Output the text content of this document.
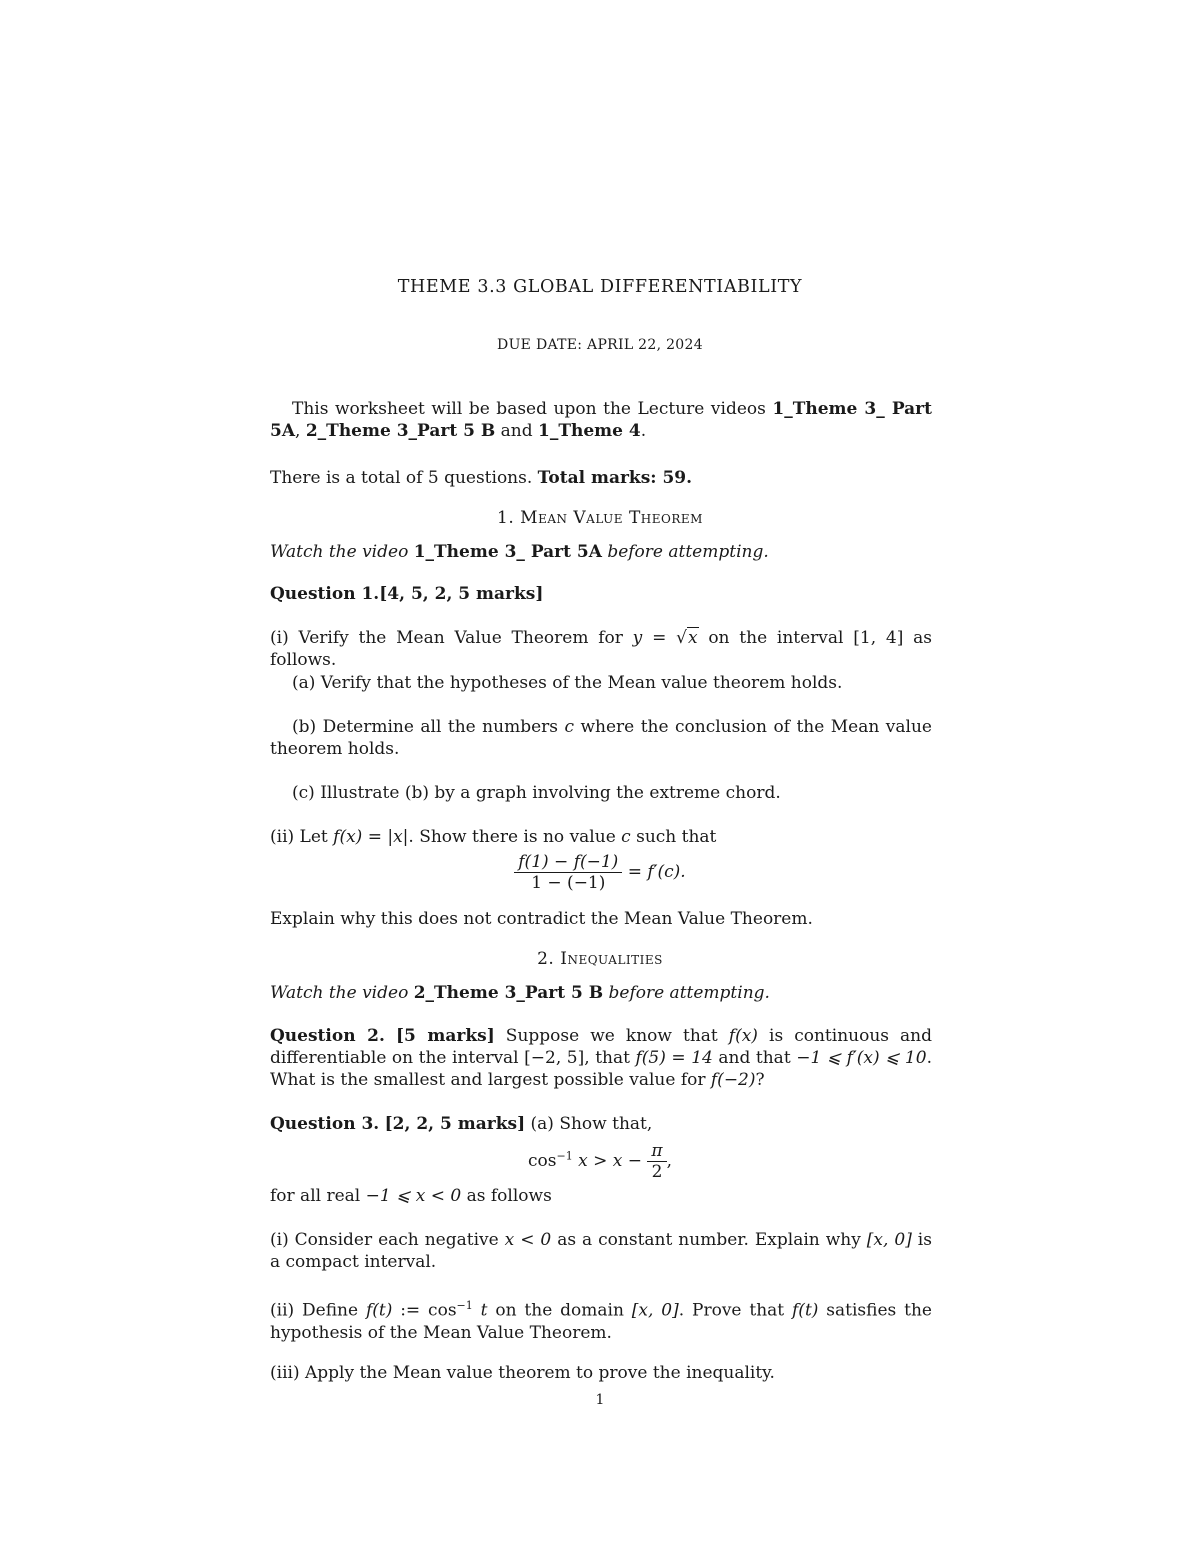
THEME 3.3 GLOBAL DIFFERENTIABILITY
DUE DATE: APRIL 22, 2024
This worksheet will be based upon the Lecture videos 1_Theme 3_ Part 5A, 2_Theme 3_Part 5 B and 1_Theme 4.
There is a total of 5 questions. Total marks: 59.
1. Mean Value Theorem
Watch the video 1_Theme 3_ Part 5A before attempting.
Question 1.[4, 5, 2, 5 marks]
(i) Verify the Mean Value Theorem for y = √x on the interval [1, 4] as follows.
(a) Verify that the hypotheses of the Mean value theorem holds.
(b) Determine all the numbers c where the conclusion of the Mean value theorem holds.
(c) Illustrate (b) by a graph involving the extreme chord.
(ii) Let f(x) = |x|. Show there is no value c such that
$\frac{f(1) - f(-1)}{1 - (-1)} = f'(c)$.
Explain why this does not contradict the Mean Value Theorem.
2. Inequalities
Watch the video 2_Theme 3_Part 5 B before attempting.
Question 2. [5 marks] Suppose we know that f(x) is continuous and differentiable on the interval [−2, 5], that f(5) = 14 and that −1 ⩽ f′(x) ⩽ 10. What is the smallest and largest possible value for f(−2)?
Question 3. [2, 2, 5 marks] (a) Show that,
$\cos^{-1} x > x - \frac{\pi}{2}$ ,
for all real −1 ⩽ x < 0 as follows
(i) Consider each negative x < 0 as a constant number. Explain why [x, 0] is a compact interval.
(ii) Define f(t) := $\cos^{-1} t$ on the domain [x, 0]. Prove that f(t) satisfies the hypothesis of the Mean Value Theorem.
(iii) Apply the Mean value theorem to prove the inequality.
1
